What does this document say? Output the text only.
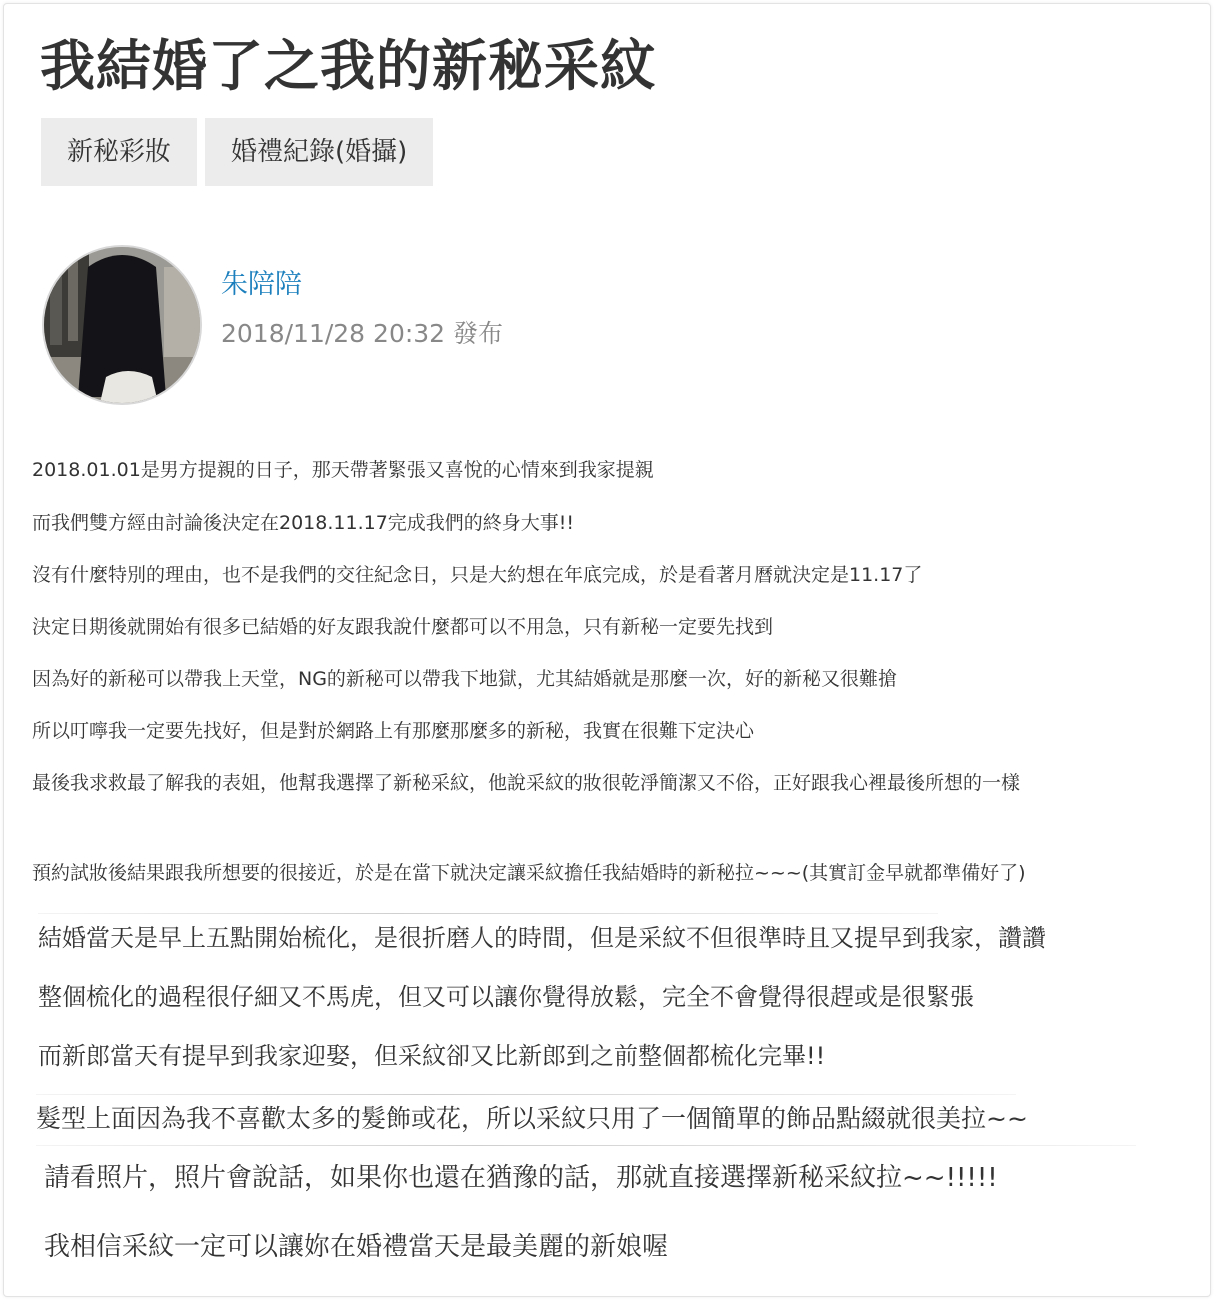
我結婚了之我的新秘采紋
新秘彩妝	婚禮紀錄(婚攝)
朱陪陪
2018/11/28 20:32 發布

2018.01.01是男方提親的日子，那天帶著緊張又喜悅的心情來到我家提親

而我們雙方經由討論後決定在2018.11.17完成我們的終身大事!!

沒有什麼特別的理由，也不是我們的交往紀念日，只是大約想在年底完成，於是看著月曆就決定是11.17了

決定日期後就開始有很多已結婚的好友跟我說什麼都可以不用急，只有新秘一定要先找到

因為好的新秘可以帶我上天堂，NG的新秘可以帶我下地獄，尤其結婚就是那麼一次，好的新秘又很難搶

所以叮嚀我一定要先找好，但是對於網路上有那麼那麼多的新秘，我實在很難下定決心

最後我求救最了解我的表姐，他幫我選擇了新秘采紋，他說采紋的妝很乾淨簡潔又不俗，正好跟我心裡最後所想的一樣

預約試妝後結果跟我所想要的很接近，於是在當下就決定讓采紋擔任我結婚時的新秘拉~~~(其實訂金早就都準備好了)

結婚當天是早上五點開始梳化，是很折磨人的時間，但是采紋不但很準時且又提早到我家，讚讚

整個梳化的過程很仔細又不馬虎，但又可以讓你覺得放鬆，完全不會覺得很趕或是很緊張

而新郎當天有提早到我家迎娶，但采紋卻又比新郎到之前整個都梳化完畢!!

髮型上面因為我不喜歡太多的髮飾或花，所以采紋只用了一個簡單的飾品點綴就很美拉~~

請看照片，照片會說話，如果你也還在猶豫的話，那就直接選擇新秘采紋拉~~!!!!!

我相信采紋一定可以讓妳在婚禮當天是最美麗的新娘喔
